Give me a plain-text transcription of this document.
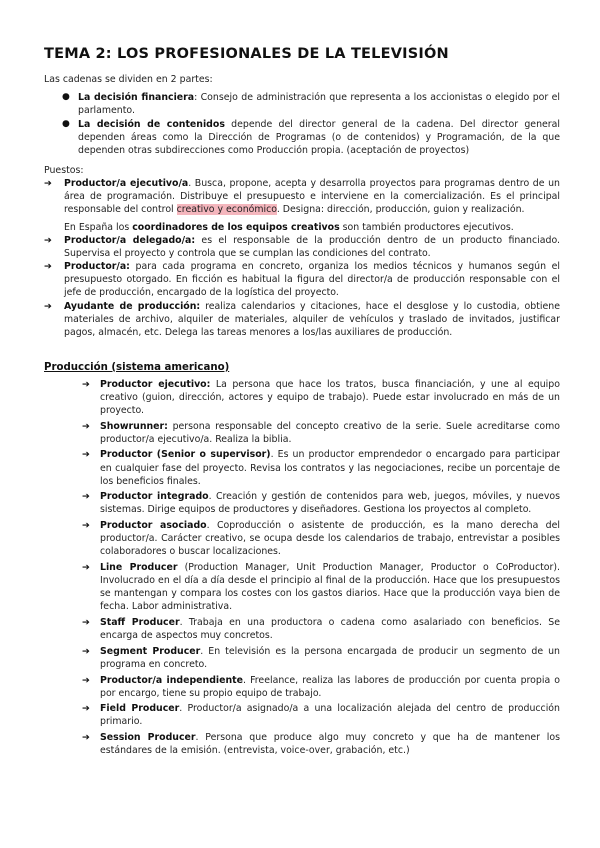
TEMA 2: LOS PROFESIONALES DE LA TELEVISIÓN

Las cadenas se dividen en 2 partes:

● La decisión financiera: Consejo de administración que representa a los accionistas o elegido por el parlamento.
● La decisión de contenidos depende del director general de la cadena. Del director general dependen áreas como la Dirección de Programas (o de contenidos) y Programación, de la que dependen otras subdirecciones como Producción propia. (aceptación de proyectos)

Puestos:

➔ Productor/a ejecutivo/a. Busca, propone, acepta y desarrolla proyectos para programas dentro de un área de programación. Distribuye el presupuesto e interviene en la comercialización. Es el principal responsable del control creativo y económico. Designa: dirección, producción, guion y realización.

En España los coordinadores de los equipos creativos son también productores ejecutivos.

➔ Productor/a delegado/a: es el responsable de la producción dentro de un producto financiado. Supervisa el proyecto y controla que se cumplan las condiciones del contrato.
➔ Productor/a: para cada programa en concreto, organiza los medios técnicos y humanos según el presupuesto otorgado. En ficción es habitual la figura del director/a de producción responsable con el jefe de producción, encargado de la logística del proyecto.
➔ Ayudante de producción: realiza calendarios y citaciones, hace el desglose y lo custodia, obtiene materiales de archivo, alquiler de materiales, alquiler de vehículos y traslado de invitados, justificar pagos, almacén, etc. Delega las tareas menores a los/las auxiliares de producción.
Producción (sistema americano)
➔ Productor ejecutivo: La persona que hace los tratos, busca financiación, y une al equipo creativo (guion, dirección, actores y equipo de trabajo). Puede estar involucrado en más de un proyecto.
➔ Showrunner: persona responsable del concepto creativo de la serie. Suele acreditarse como productor/a ejecutivo/a. Realiza la biblia.
➔ Productor (Senior o supervisor). Es un productor emprendedor o encargado para participar en cualquier fase del proyecto. Revisa los contratos y las negociaciones, recibe un porcentaje de los beneficios finales.
➔ Productor integrado. Creación y gestión de contenidos para web, juegos, móviles, y nuevos sistemas. Dirige equipos de productores y diseñadores. Gestiona los proyectos al completo.
➔ Productor asociado. Coproducción o asistente de producción, es la mano derecha del productor/a. Carácter creativo, se ocupa desde los calendarios de trabajo, entrevistar a posibles colaboradores o buscar localizaciones.
➔ Line Producer (Production Manager, Unit Production Manager, Productor o CoProductor). Involucrado en el día a día desde el principio al final de la producción. Hace que los presupuestos se mantengan y compara los costes con los gastos diarios. Hace que la producción vaya bien de fecha. Labor administrativa.
➔ Staff Producer. Trabaja en una productora o cadena como asalariado con beneficios. Se encarga de aspectos muy concretos.
➔ Segment Producer. En televisión es la persona encargada de producir un segmento de un programa en concreto.
➔ Productor/a independiente. Freelance, realiza las labores de producción por cuenta propia o por encargo, tiene su propio equipo de trabajo.
➔ Field Producer. Productor/a asignado/a a una localización alejada del centro de producción primario.
➔ Session Producer. Persona que produce algo muy concreto y que ha de mantener los estándares de la emisión. (entrevista, voice-over, grabación, etc.)
